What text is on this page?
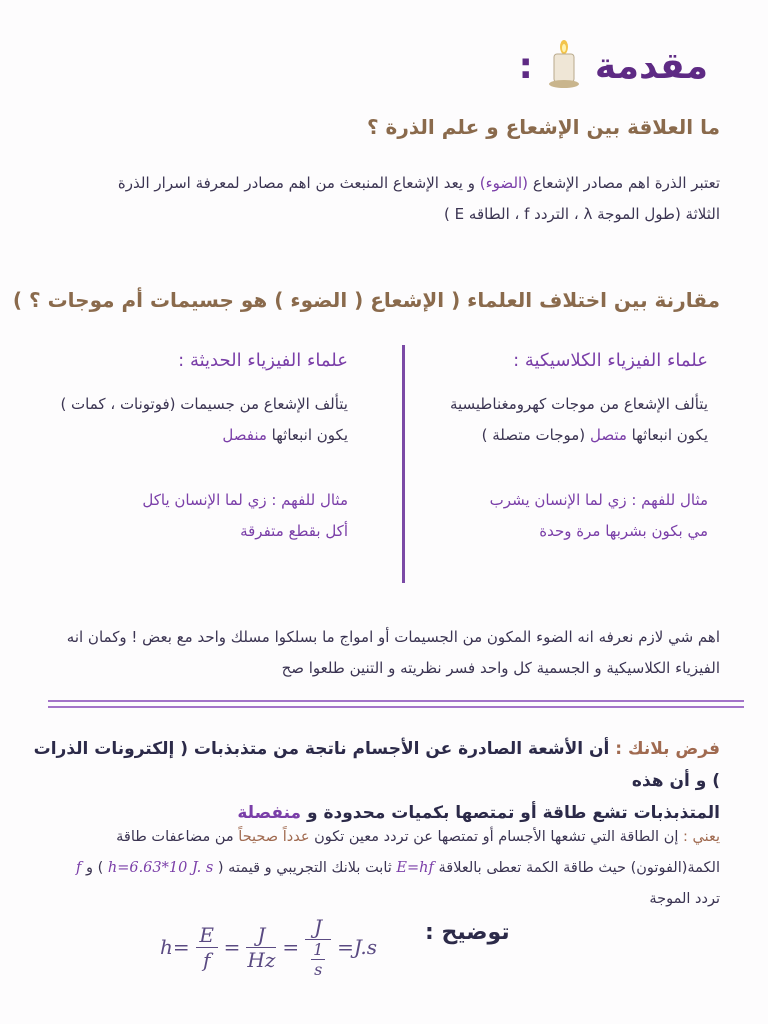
مقدمة
:
ما العلاقة بين الإشعاع و علم الذرة ؟
تعتبر الذرة اهم مصادر الإشعاع (الضوء) و يعد الإشعاع المنبعث من اهم مصادر لمعرفة اسرار الذرة
الثلاثة (طول الموجة λ ، التردد f ، الطاقه E )
مقارنة بين اختلاف العلماء ( الإشعاع ( الضوء ) هو جسيمات أم موجات ؟ )
علماء الفيزياء الكلاسيكية :
يتألف الإشعاع من موجات كهرومغناطيسية
يكون انبعاثها متصل (موجات متصلة )
مثال للفهم : زي لما الإنسان يشرب
مي بكون بشربها مرة وحدة
علماء الفيزياء الحديثة :
يتألف الإشعاع من جسيمات (فوتونات ، كمات )
يكون انبعاثها منفصل
مثال للفهم : زي لما الإنسان ياكل
أكل بقطع متفرقة
اهم شي لازم نعرفه انه الضوء المكون من الجسيمات أو امواج ما بسلكوا مسلك واحد مع بعض ! وكمان انه
الفيزياء الكلاسيكية و الجسمية كل واحد فسر نظريته و التنين طلعوا صح
فرض بلانك : أن الأشعة الصادرة عن الأجسام ناتجة من متذبذبات ( إلكترونات الذرات ) و أن هذه
المتذبذبات تشع طاقة أو تمتصها بكميات محدودة و منفصلة
يعني : إن الطاقة التي تشعها الأجسام أو تمتصها عن تردد معين تكون عدداً صحيحاً من مضاعفات طاقة
الكمة(الفوتون) حيث طاقة الكمة تعطى بالعلاقة E=hf ثابت بلانك التجريبي و قيمته ( h=6.63*10 J. s ) و f
تردد الموجة
توضيح :
h=
E
f
=
J
Hz
=
J
1
s
=J.s
